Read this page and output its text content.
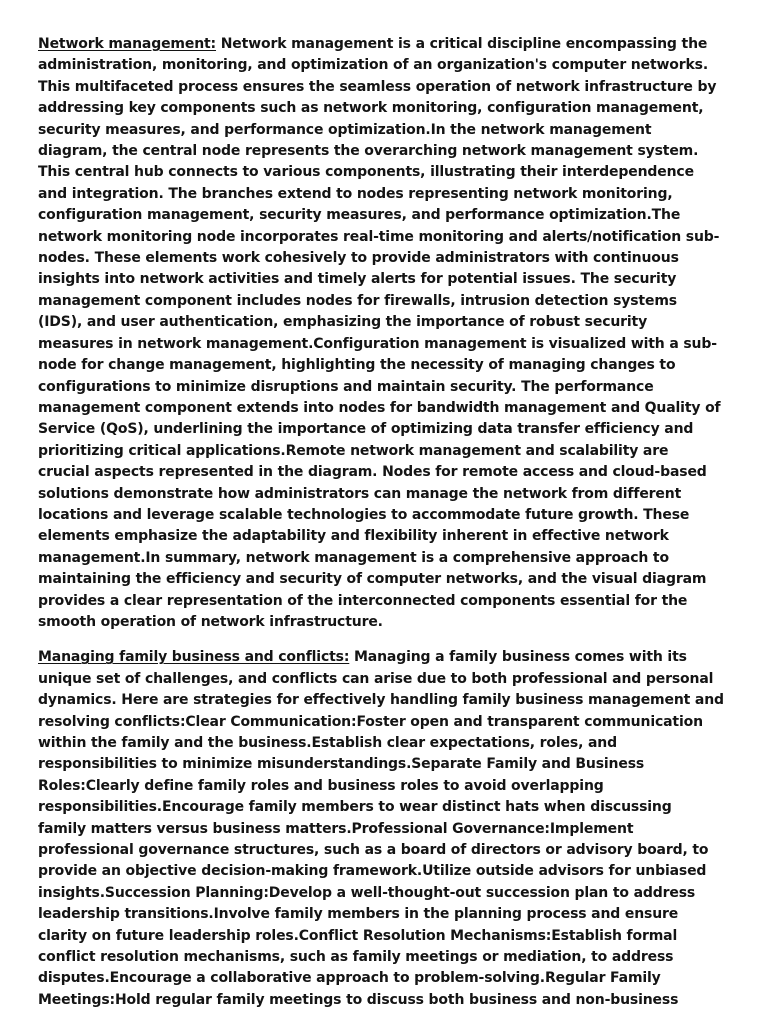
Network management: Network management is a critical discipline encompassing the administration, monitoring, and optimization of an organization's computer networks. This multifaceted process ensures the seamless operation of network infrastructure by addressing key components such as network monitoring, configuration management, security measures, and performance optimization.In the network management diagram, the central node represents the overarching network management system. This central hub connects to various components, illustrating their interdependence and integration. The branches extend to nodes representing network monitoring, configuration management, security measures, and performance optimization.The network monitoring node incorporates real-time monitoring and alerts/notification sub-nodes. These elements work cohesively to provide administrators with continuous insights into network activities and timely alerts for potential issues. The security management component includes nodes for firewalls, intrusion detection systems (IDS), and user authentication, emphasizing the importance of robust security measures in network management.Configuration management is visualized with a sub-node for change management, highlighting the necessity of managing changes to configurations to minimize disruptions and maintain security. The performance management component extends into nodes for bandwidth management and Quality of Service (QoS), underlining the importance of optimizing data transfer efficiency and prioritizing critical applications.Remote network management and scalability are crucial aspects represented in the diagram. Nodes for remote access and cloud-based solutions demonstrate how administrators can manage the network from different locations and leverage scalable technologies to accommodate future growth. These elements emphasize the adaptability and flexibility inherent in effective network management.In summary, network management is a comprehensive approach to maintaining the efficiency and security of computer networks, and the visual diagram provides a clear representation of the interconnected components essential for the smooth operation of network infrastructure.

Managing family business and conflicts: Managing a family business comes with its unique set of challenges, and conflicts can arise due to both professional and personal dynamics. Here are strategies for effectively handling family business management and resolving conflicts:Clear Communication:Foster open and transparent communication within the family and the business.Establish clear expectations, roles, and responsibilities to minimize misunderstandings.Separate Family and Business Roles:Clearly define family roles and business roles to avoid overlapping responsibilities.Encourage family members to wear distinct hats when discussing family matters versus business matters.Professional Governance:Implement professional governance structures, such as a board of directors or advisory board, to provide an objective decision-making framework.Utilize outside advisors for unbiased insights.Succession Planning:Develop a well-thought-out succession plan to address leadership transitions.Involve family members in the planning process and ensure clarity on future leadership roles.Conflict Resolution Mechanisms:Establish formal conflict resolution mechanisms, such as family meetings or mediation, to address disputes.Encourage a collaborative approach to problem-solving.Regular Family Meetings:Hold regular family meetings to discuss both business and non-business
